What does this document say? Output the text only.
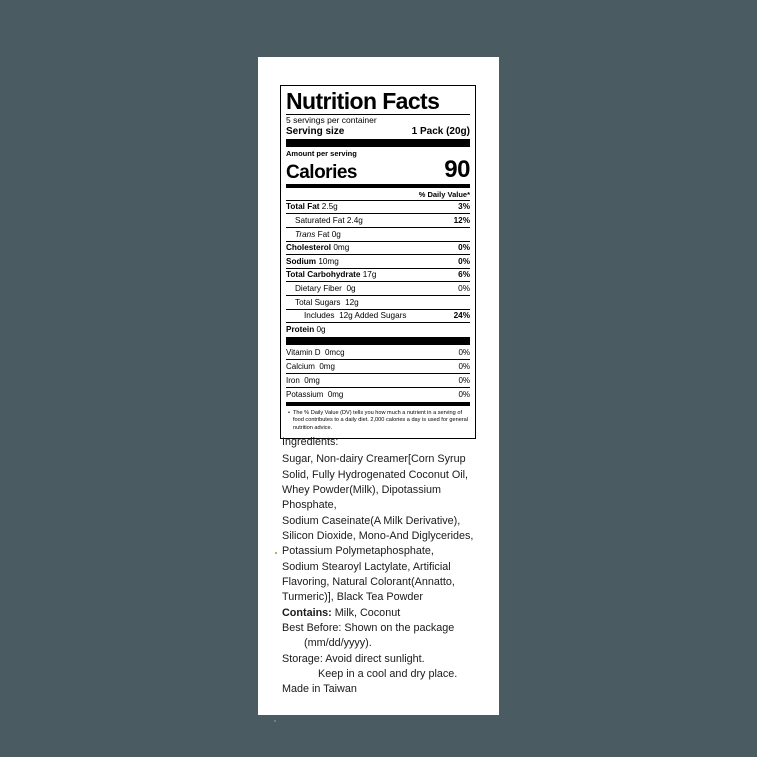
Nutrition Facts
5 servings per container
Serving size	1 Pack (20g)
Amount per serving
Calories	90
% Daily Value*
Total Fat 2.5g	3%
Saturated Fat 2.4g	12%
Trans Fat 0g
Cholesterol 0mg	0%
Sodium 10mg	0%
Total Carbohydrate 17g	6%
Dietary Fiber 0g	0%
Total Sugars 12g
Includes 12g Added Sugars	24%
Protein 0g
Vitamin D 0mcg	0%
Calcium 0mg	0%
Iron 0mg	0%
Potassium 0mg	0%
• The % Daily Value (DV) tells you how much a nutrient in a serving of food contributes to a daily diet. 2,000 calories a day is used for general nutrition advice.
Ingredients:
Sugar, Non-dairy Creamer[Corn Syrup
Solid, Fully Hydrogenated Coconut Oil,
Whey Powder(Milk), Dipotassium Phosphate,
Sodium Caseinate(A Milk Derivative),
Silicon Dioxide, Mono-And Diglycerides,
Potassium Polymetaphosphate,
Sodium Stearoyl Lactylate, Artificial
Flavoring, Natural Colorant(Annatto,
Turmeric)], Black Tea Powder
Contains: Milk, Coconut
Best Before: Shown on the package
(mm/dd/yyyy).
Storage: Avoid direct sunlight.
Keep in a cool and dry place.
Made in Taiwan
